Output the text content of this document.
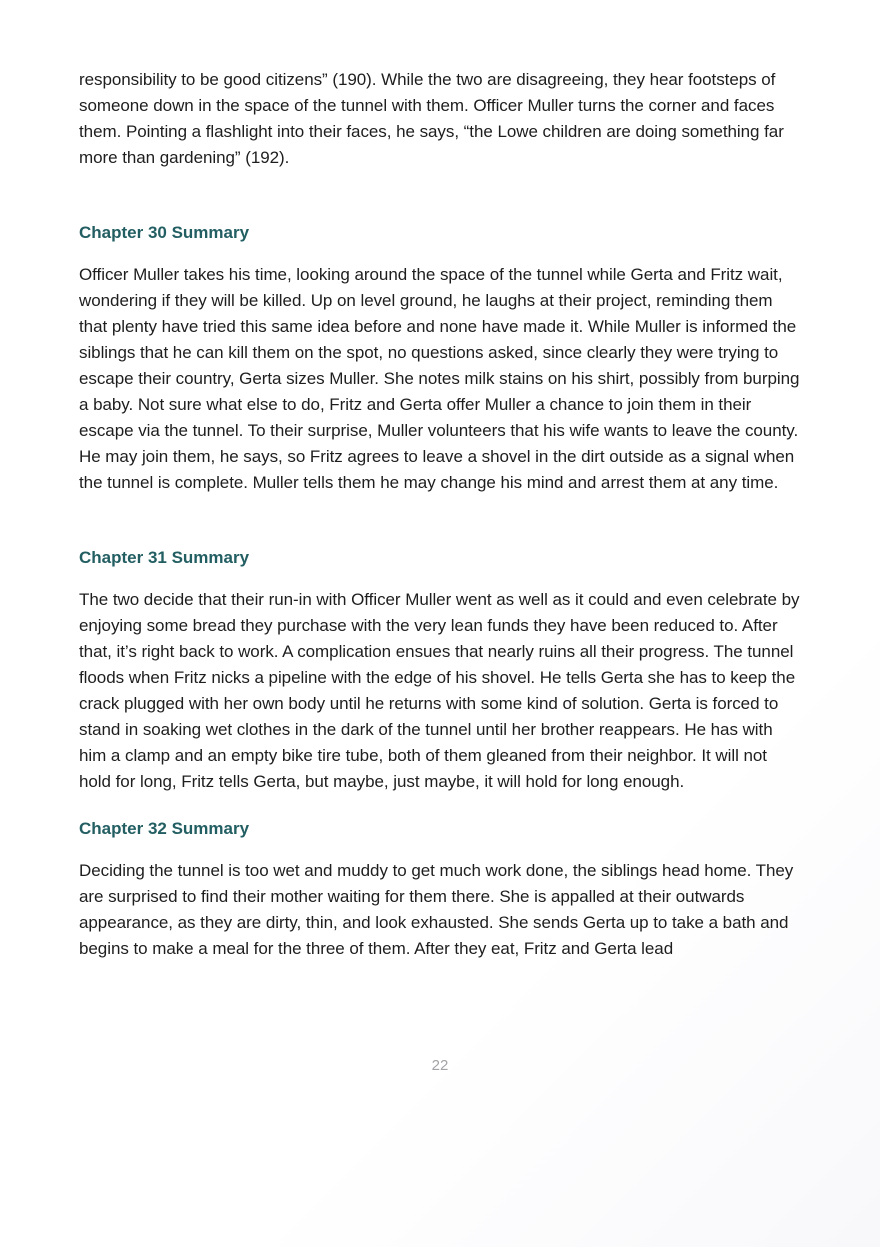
responsibility to be good citizens” (190). While the two are disagreeing, they hear footsteps of someone down in the space of the tunnel with them. Officer Muller turns the corner and faces them. Pointing a flashlight into their faces, he says, “the Lowe children are doing something far more than gardening” (192).

Chapter 30 Summary

Officer Muller takes his time, looking around the space of the tunnel while Gerta and Fritz wait, wondering if they will be killed. Up on level ground, he laughs at their project, reminding them that plenty have tried this same idea before and none have made it. While Muller is informed the siblings that he can kill them on the spot, no questions asked, since clearly they were trying to escape their country, Gerta sizes Muller. She notes milk stains on his shirt, possibly from burping a baby. Not sure what else to do, Fritz and Gerta offer Muller a chance to join them in their escape via the tunnel. To their surprise, Muller volunteers that his wife wants to leave the county. He may join them, he says, so Fritz agrees to leave a shovel in the dirt outside as a signal when the tunnel is complete. Muller tells them he may change his mind and arrest them at any time.

Chapter 31 Summary

The two decide that their run-in with Officer Muller went as well as it could and even celebrate by enjoying some bread they purchase with the very lean funds they have been reduced to. After that, it’s right back to work. A complication ensues that nearly ruins all their progress. The tunnel floods when Fritz nicks a pipeline with the edge of his shovel. He tells Gerta she has to keep the crack plugged with her own body until he returns with some kind of solution. Gerta is forced to stand in soaking wet clothes in the dark of the tunnel until her brother reappears. He has with him a clamp and an empty bike tire tube, both of them gleaned from their neighbor. It will not hold for long, Fritz tells Gerta, but maybe, just maybe, it will hold for long enough.

Chapter 32 Summary

Deciding the tunnel is too wet and muddy to get much work done, the siblings head home. They are surprised to find their mother waiting for them there. She is appalled at their outwards appearance, as they are dirty, thin, and look exhausted. She sends Gerta up to take a bath and begins to make a meal for the three of them. After they eat, Fritz and Gerta lead

22
